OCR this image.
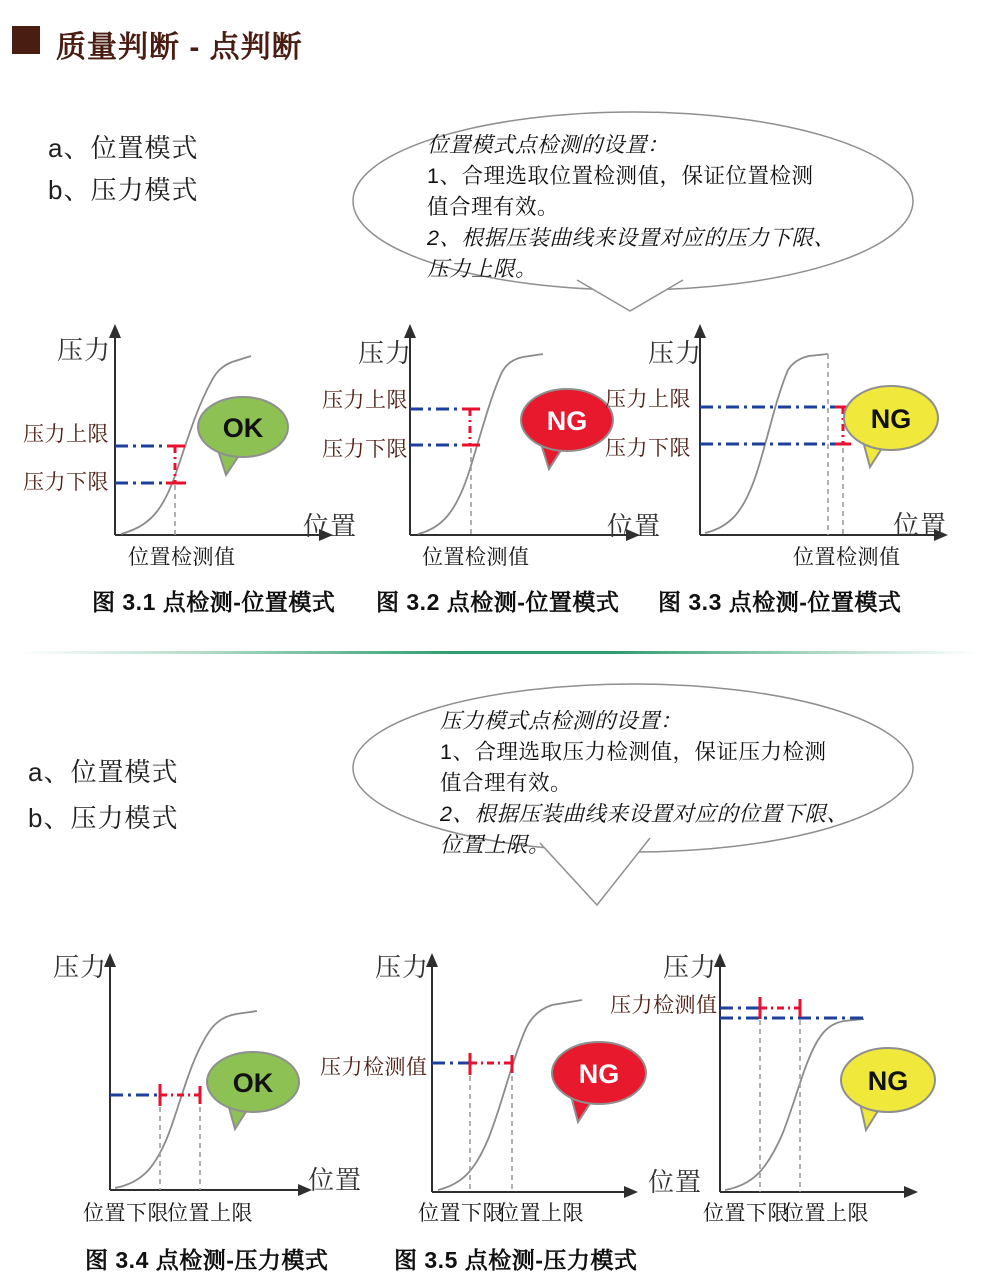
质量判断 - 点判断
a、位置模式
b、压力模式
位置模式点检测的设置：
1、合理选取位置检测值，保证位置检测
值合理有效。
2、根据压装曲线来设置对应的压力下限、
压力上限。
OK
压力
压力上限
压力下限
位置
位置检测值
NG
压力
压力上限
压力下限
位置
位置检测值
NG
压力
压力上限
压力下限
位置
位置检测值
图 3.1 点检测-位置模式 图 3.2 点检测-位置模式 图 3.3 点检测-位置模式
压力模式点检测的设置：
1、合理选取压力检测值，保证压力检测
值合理有效。
2、根据压装曲线来设置对应的位置下限、
位置上限。
a、位置模式
b、压力模式
OK
压力
位置
位置下限
位置上限
NG
压力
压力检测值
位置
位置下限
位置上限
NG
压力
压力检测值
位置下限
位置上限
图 3.4 点检测-压力模式	图 3.5 点检测-压力模式
